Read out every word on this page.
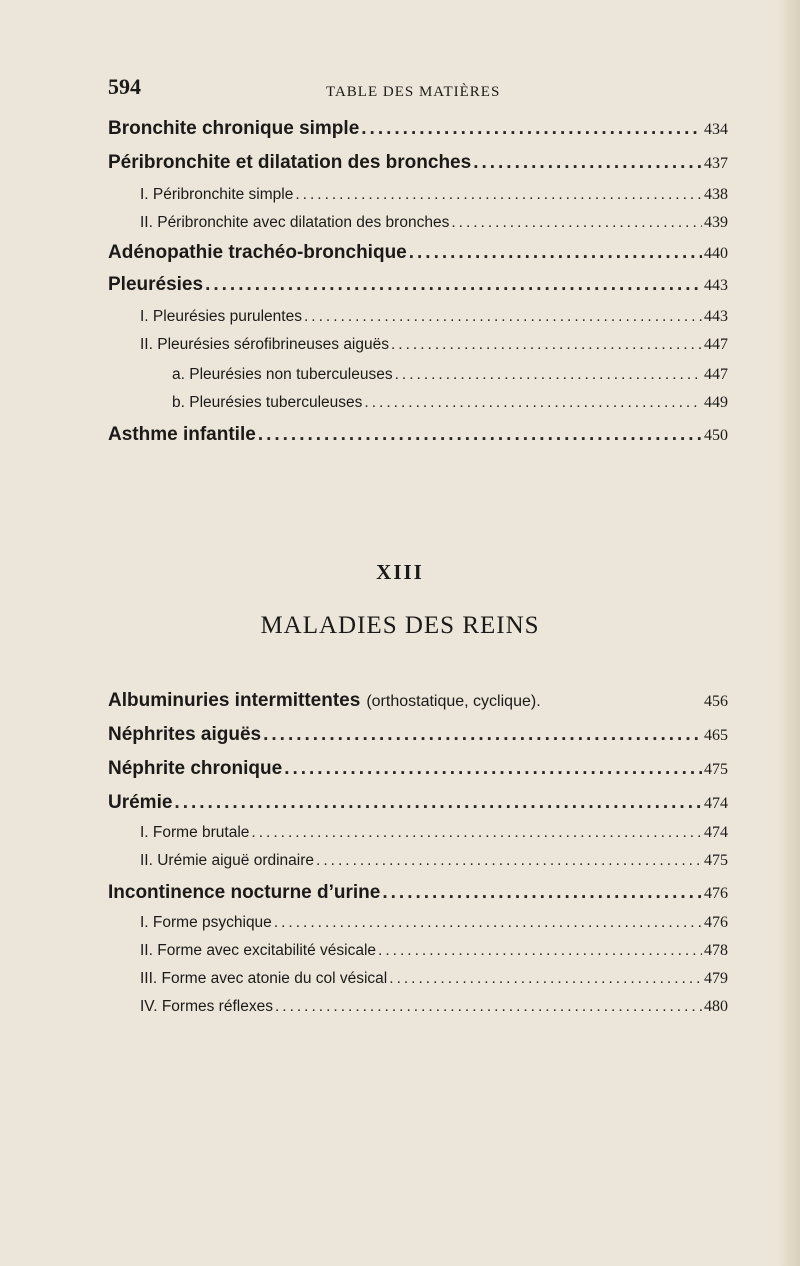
594	TABLE DES MATIÈRES
Bronchite chronique simple .....	434
Péribronchite et dilatation des bronches .....	437
I. Péribronchite simple .....	438
II. Péribronchite avec dilatation des bronches .....	439
Adénopathie trachéo-bronchique .....	440
Pleurésies .....	443
I. Pleurésies purulentes .....	443
II. Pleurésies sérofibrineuses aiguës .....	447
a. Pleurésies non tuberculeuses .....	447
b. Pleurésies tuberculeuses .....	449
Asthme infantile .....	450
XIII
MALADIES DES REINS
Albuminuries intermittentes (orthostatique, cyclique).	456
Néphrites aiguës .....	465
Néphrite chronique .....	475
Urémie .....	474
I. Forme brutale .....	474
II. Urémie aiguë ordinaire .....	475
Incontinence nocturne d’urine .....	476
I. Forme psychique .....	476
II. Forme avec excitabilité vésicale .....	478
III. Forme avec atonie du col vésical .....	479
IV. Formes réflexes .....	480
